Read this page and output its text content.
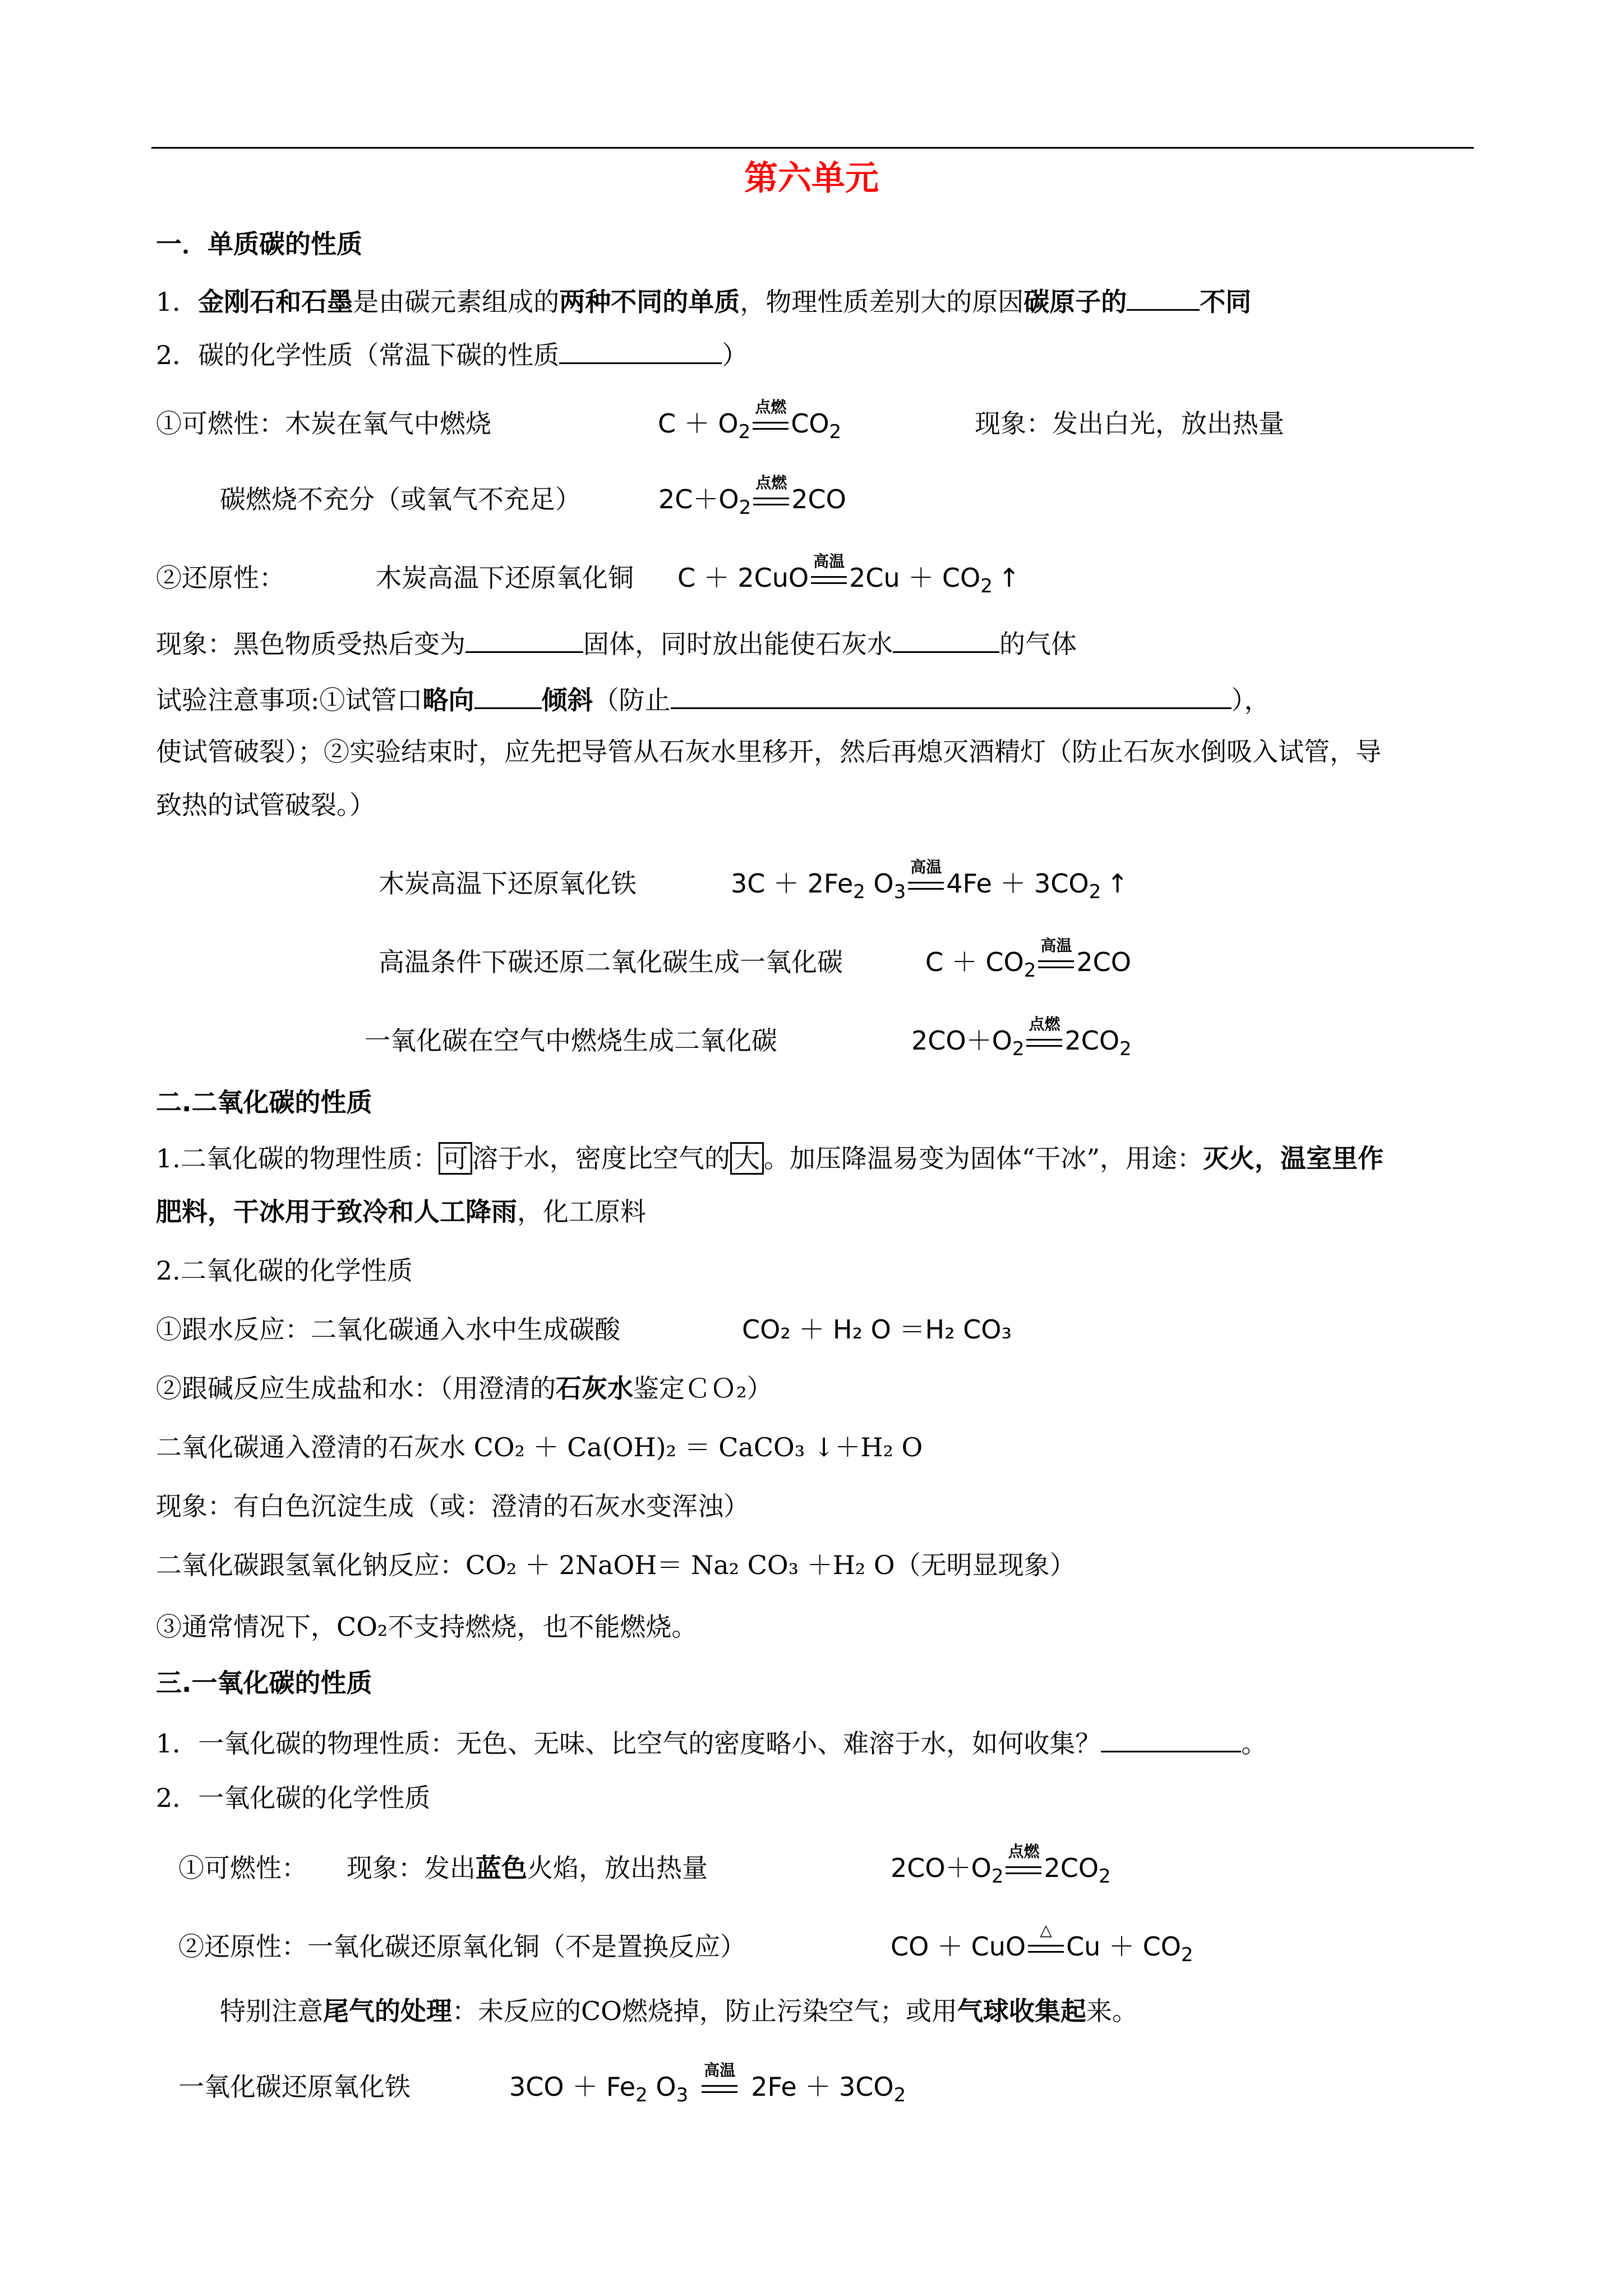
第六单元
一．单质碳的性质
1．金刚石和石墨是由碳元素组成的两种不同的单质，物理性质差别大的原因碳原子的	不同
2．碳的化学性质（常温下碳的性质	）
①可燃性：木炭在氧气中燃烧	$C + O_2$
点燃
$CO_2$	现象：发出白光，放出热量
碳燃烧不充分（或氧气不充足）	$2C+O_2$
点燃
2CO
②还原性：	木炭高温下还原氧化铜 C ＋ 2CuO
高温
$2Cu + CO_2$ ↑
现象：黑色物质受热后变为	固体，同时放出能使石灰水	的气体
试验注意事项:①试管口略向	倾斜（防止	），
使试管破裂）；②实验结束时，应先把导管从石灰水里移开，然后再熄灭酒精灯（防止石灰水倒吸入试管，导
致热的试管破裂。）
木炭高温下还原氧化铁	$3C + 2Fe_2$ $O_3$
高温
$4Fe + 3CO_2$ ↑
高温条件下碳还原二氧化碳生成一氧化碳	$C + CO_2$
高温
2CO
一氧化碳在空气中燃烧生成二氧化碳	$2CO+O_2$
点燃
$2CO_2$
二.二氧化碳的性质
1.二氧化碳的物理性质： 可 溶于水，密度比空气的 大 。加压降温易变为固体“干冰”，用途：灭火，温室里作
肥料，干冰用于致冷和人工降雨，化工原料
2.二氧化碳的化学性质
①跟水反应：二氧化碳通入水中生成碳酸	CO₂ ＋ H₂ O ＝H₂ CO₃
②跟碱反应生成盐和水：（用澄清的石灰水鉴定ＣＯ₂）
二氧化碳通入澄清的石灰水 CO₂ ＋ Ca(OH)₂ ＝ CaCO₃ ↓＋H₂ O
现象：有白色沉淀生成（或：澄清的石灰水变浑浊）
二氧化碳跟氢氧化钠反应：CO₂ ＋ 2NaOH＝ Na₂ CO₃ ＋H₂ O（无明显现象）
③通常情况下，CO₂不支持燃烧，也不能燃烧。
三.一氧化碳的性质
1．一氧化碳的物理性质：无色、无味、比空气的密度略小、难溶于水，如何收集？	。
2．一氧化碳的化学性质
①可燃性： 现象：发出蓝色火焰，放出热量	$2CO+O_2$
点燃
$2CO_2$
②还原性：一氧化碳还原氧化铜（不是置换反应）	CO ＋ CuO
△
$Cu + CO_2$
特别注意尾气的处理：未反应的CO燃烧掉，防止污染空气；或用气球收集起来。
一氧化碳还原氧化铁	$3CO + Fe_2$ $O_3$
高温
$2Fe + 3CO_2$
